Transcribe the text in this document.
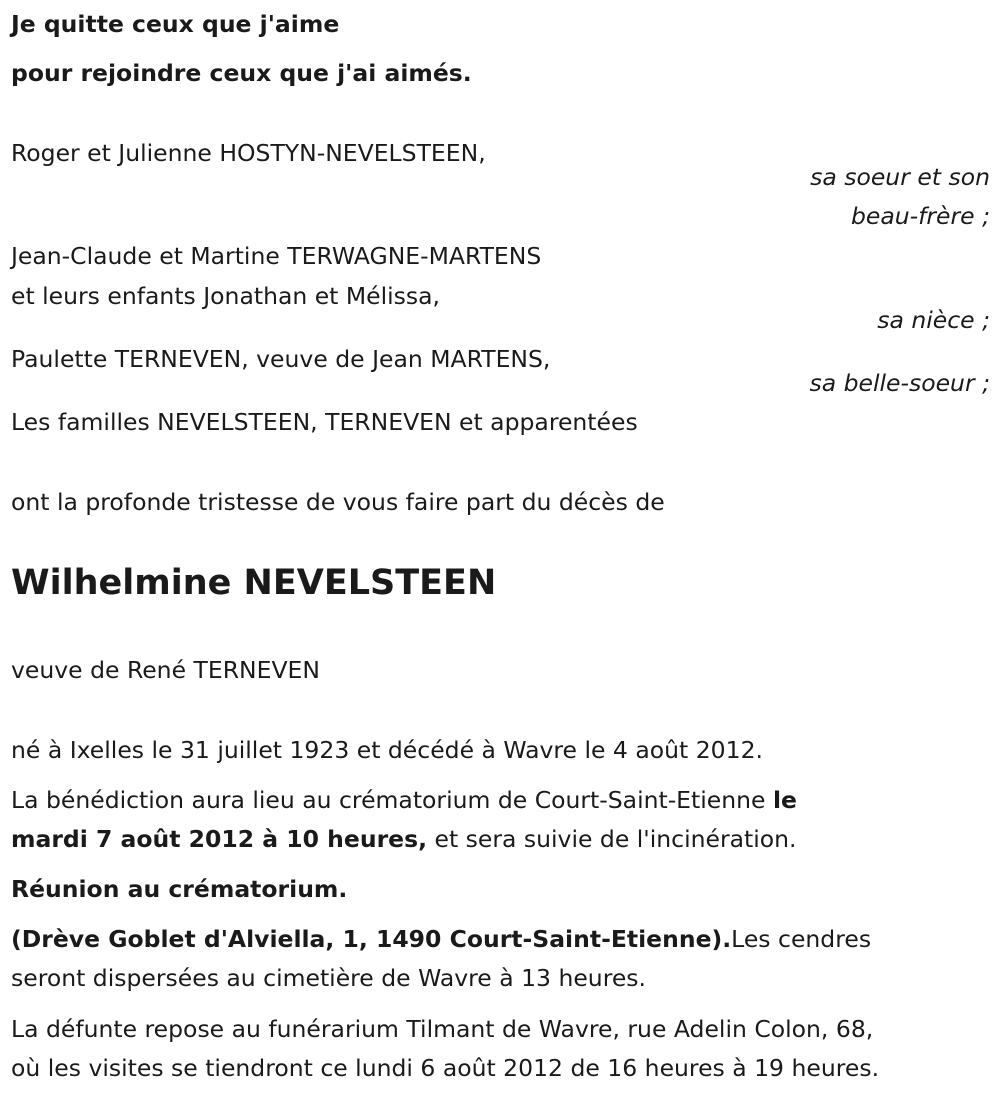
Je quitte ceux que j'aime
pour rejoindre ceux que j'ai aimés.
Roger et Julienne HOSTYN-NEVELSTEEN,
sa soeur et son
beau-frère ;
Jean-Claude et Martine TERWAGNE-MARTENS
et leurs enfants Jonathan et Mélissa,
sa nièce ;
Paulette TERNEVEN, veuve de Jean MARTENS,
sa belle-soeur ;
Les familles NEVELSTEEN, TERNEVEN et apparentées
ont la profonde tristesse de vous faire part du décès de
Wilhelmine NEVELSTEEN
veuve de René TERNEVEN
né à Ixelles le 31 juillet 1923 et décédé à Wavre le 4 août 2012.
La bénédiction aura lieu au crématorium de Court-Saint-Etienne le
mardi 7 août 2012 à 10 heures, et sera suivie de l'incinération.
Réunion au crématorium.
(Drève Goblet d'Alviella, 1, 1490 Court-Saint-Etienne).Les cendres
seront dispersées au cimetière de Wavre à 13 heures.
La défunte repose au funérarium Tilmant de Wavre, rue Adelin Colon, 68,
où les visites se tiendront ce lundi 6 août 2012 de 16 heures à 19 heures.
